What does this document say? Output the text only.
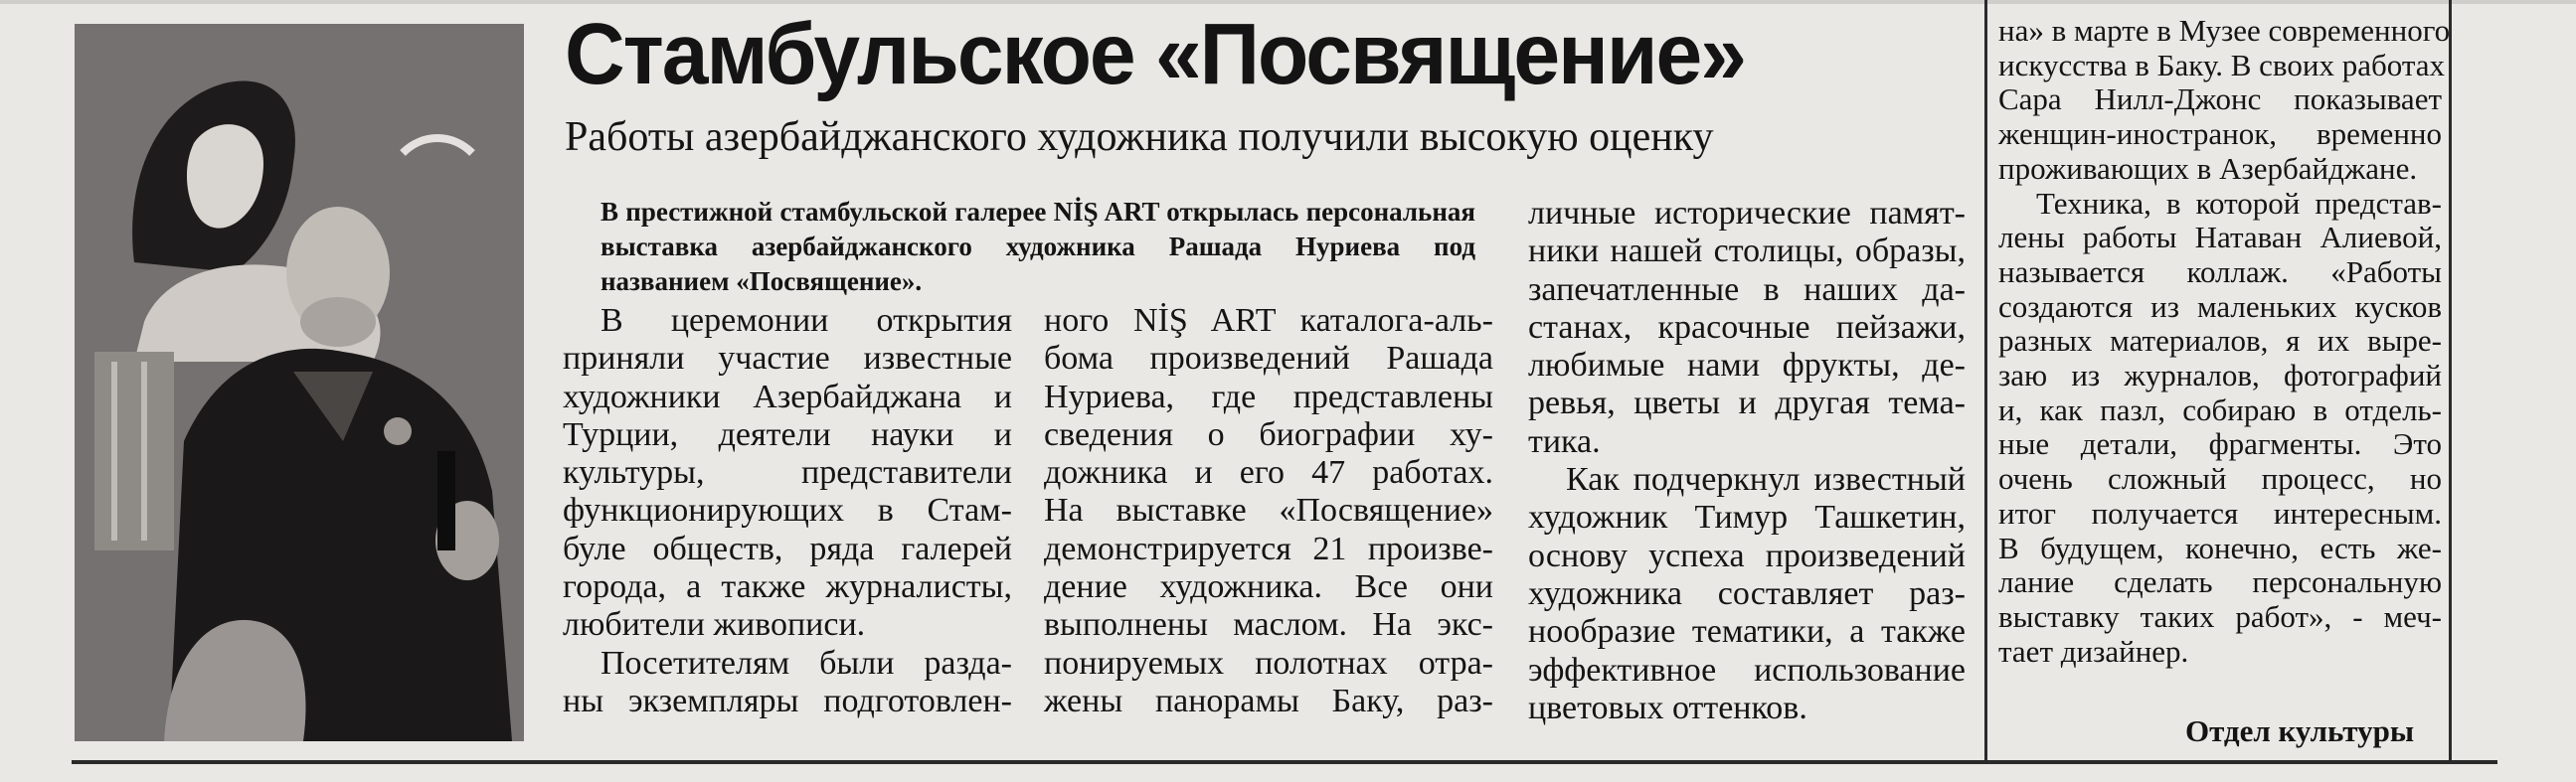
Стамбульское «Посвящение»
Работы азербайджанского художника получили высокую оценку
В престижной стамбульской галерее NİŞ ART открылась персональная выставка азербайджанского художника Рашада Нуриева под названием «Посвящение».
В церемонии открытия
приняли участие известные
художники Азербайджана и
Турции, деятели науки и
культуры, представители
функционирующих в Стам-
буле обществ, ряда галерей
города, а также журналисты,
любители живописи.
Посетителям были разда-
ны экземпляры подготовлен-
ного NİŞ ART каталога-аль-
бома произведений Рашада
Нуриева, где представлены
сведения о биографии ху-
дожника и его 47 работах.
На выставке «Посвящение»
демонстрируется 21 произве-
дение художника. Все они
выполнены маслом. На экс-
понируемых полотнах отра-
жены панорамы Баку, раз-
личные исторические памят-
ники нашей столицы, образы,
запечатленные в наших да-
станах, красочные пейзажи,
любимые нами фрукты, де-
ревья, цветы и другая тема-
тика.
Как подчеркнул известный
художник Тимур Ташкетин,
основу успеха произведений
художника составляет раз-
нообразие тематики, а также
эффективное использование
цветовых оттенков.
на» в марте в Музее современного
искусства в Баку. В своих работах
Сара Нилл-Джонс показывает
женщин-иностранок, временно
проживающих в Азербайджане.
Техника, в которой представ-
лены работы Натаван Алиевой,
называется коллаж. «Работы
создаются из маленьких кусков
разных материалов, я их выре-
заю из журналов, фотографий
и, как пазл, собираю в отдель-
ные детали, фрагменты. Это
очень сложный процесс, но
итог получается интересным.
В будущем, конечно, есть же-
лание сделать персональную
выставку таких работ», - меч-
тает дизайнер.
Отдел культуры
